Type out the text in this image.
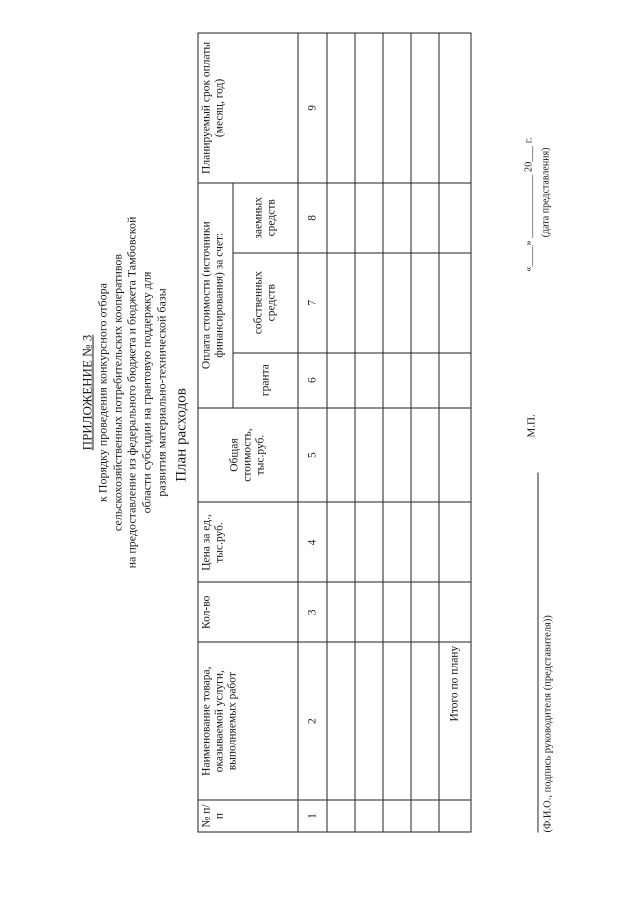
ПРИЛОЖЕНИЕ № 3 к Порядку проведения конкурсного отбора сельскохозяйственных потребительских кооперативов на предоставление из федерального бюджета и бюджета Тамбовской области субсидии на грантовую поддержку для развития материально-технической базы План расходов
№ п/п	Наименование товара, оказываемой услуги, выполняемых работ	Кол-во	Цена за ед., тыс.руб.	Общая стоимость, тыс.руб.	Оплата стоимости (источники финансирования) за счет:			Планируемый срок оплаты (месяц, год)
					гранта	собственных средств	заемных средств	
1	2	3	4	5	6	7	8	9

	Итого по плану								(Ф.И.О., подпись руководителя (представителя))
М.П.
«____» ____________ 20___ г. (дата представления)
